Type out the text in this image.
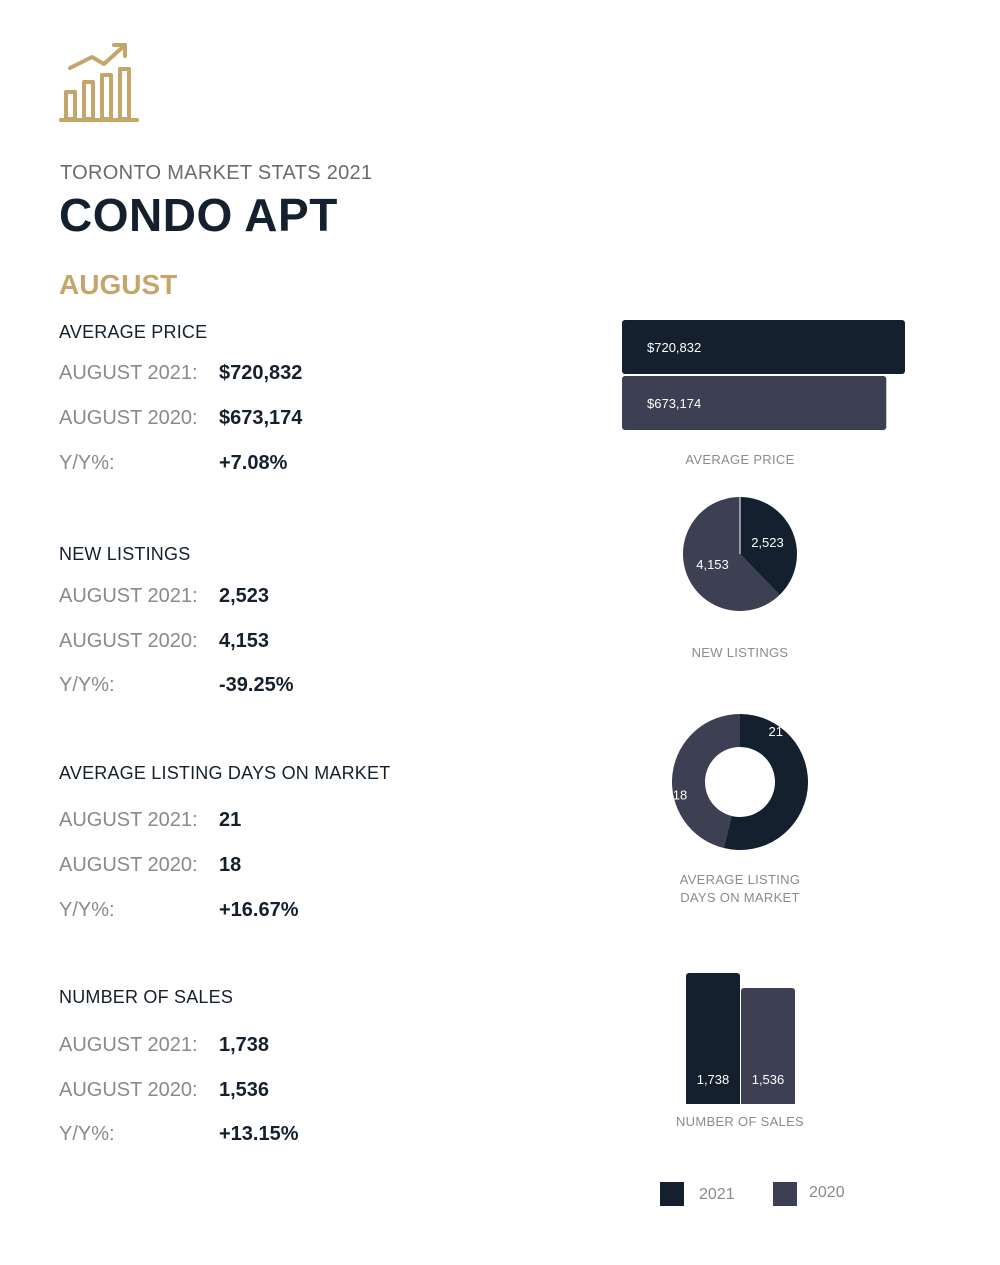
TORONTO MARKET STATS 2021
CONDO APT
AUGUST
AVERAGE PRICE
AUGUST 2021: $720,832
AUGUST 2020: $673,174
Y/Y%:	+7.08%
NEW LISTINGS
AUGUST 2021: 2,523
AUGUST 2020: 4,153
Y/Y%:	-39.25%
AVERAGE LISTING DAYS ON MARKET
AUGUST 2021: 21
AUGUST 2020: 18
Y/Y%:	+16.67%
NUMBER OF SALES
AUGUST 2021: 1,738
AUGUST 2020: 1,536
Y/Y%:	+13.15%
$720,832
$673,174
AVERAGE PRICE
2,523
4,153
NEW LISTINGS
21
18
AVERAGE LISTING
DAYS ON MARKET
1,738 1,536
NUMBER OF SALES
2021	2020
